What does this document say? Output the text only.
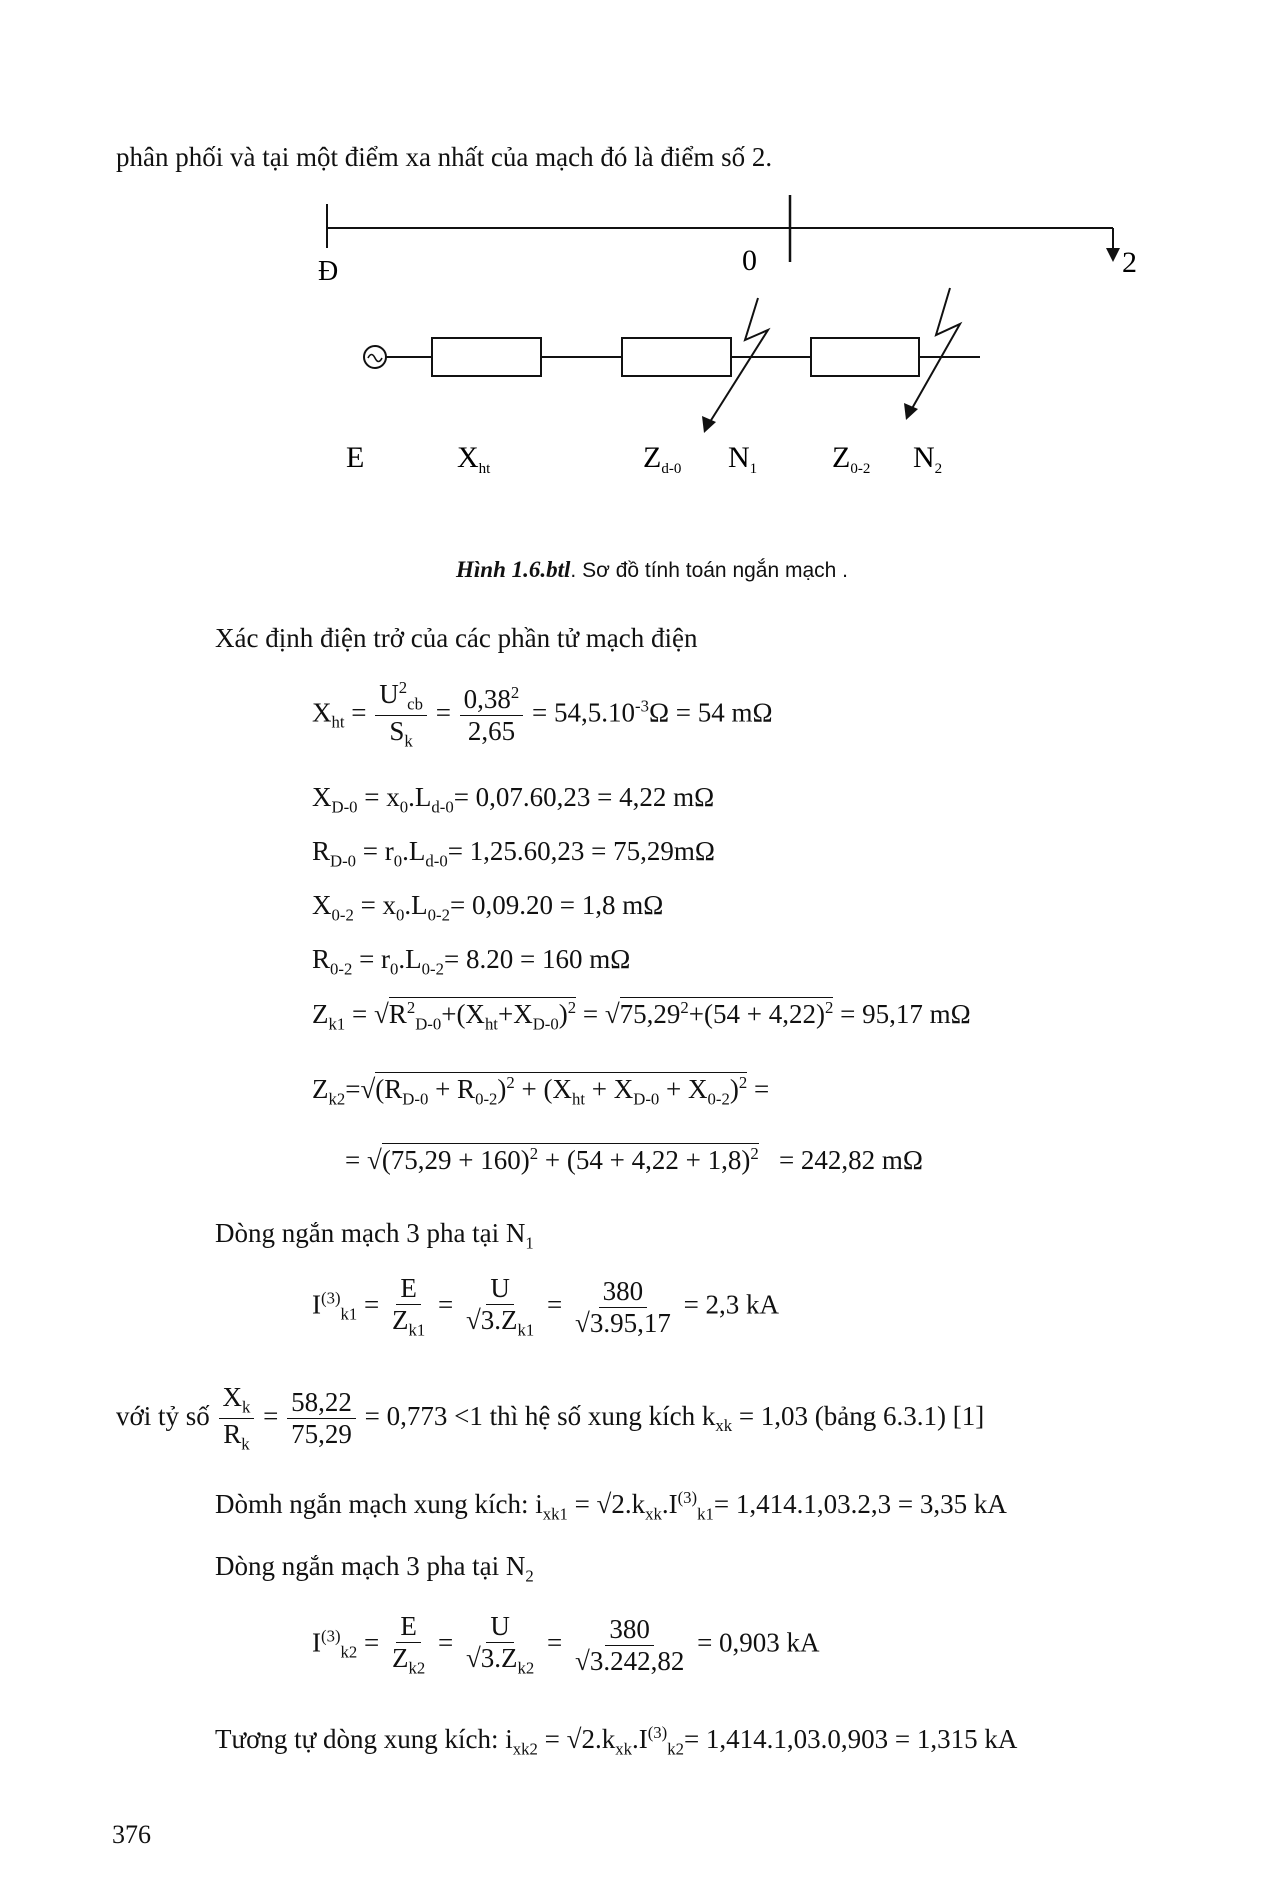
phân phối và tại một điểm xa nhất của mạch đó là điểm số 2.
Đ	0	2
E	$X_{ht}$	$Z_{d-0}$ $N_1$ $Z_{0-2}$ $N_2$
Hình 1.6.btl. Sơ đồ tính toán ngắn mạch .
Xác định điện trở của các phần tử mạch điện
$X_{ht} = \frac{U^2_{cb}}{S_k} = \frac{0,38^2}{2,65} = 54,5.10^{-3}\Omega = 54$ mΩ
$X_{D-0} = x_0.L_{d-0}= 0,07.60,23 = 4,22$ mΩ
$R_{D-0} = r_0.L_{d-0}= 1,25.60,23 = 75,29m\Omega$
$X_{0-2} = x_0.L_{0-2}= 0,09.20 = 1,8$ mΩ
$R_{0-2} = r_0.L_{0-2}= 8.20 = 160$ mΩ
$Z_{k1} = √R^2_{D-0}+(X_{ht}+X_{D-0})^2 = √75,29^2+(54 + 4,22)^2 = 95,17$ mΩ
$Z_{k2}=√(R_{D-0} + R_{0-2})^2 + (X_{ht} + X_{D-0} + X_{0-2})^2$ =
= $√(75,29 + 160)^2 + (54 + 4,22 + 1,8)^2 = 242,82$ mΩ
Dòng ngắn mạch 3 pha tại $N_1$
$I^{(3)}_{k1} = \frac{E}{Z_{k1}} = \frac{U}{√3.Z_{k1}} = \frac{380}{√3.95,17} = 2,3$ kA
với tỷ số $\frac{X_k}{R_k} = \frac{58,22}{75,29} = 0,773 <1$ thì hệ số xung kích $k_{xk} = 1,03$ (bảng 6.3.1) [1]
Dòmh ngắn mạch xung kích: $i_{xk1} = √2.k_{xk}.I^{(3)}_{k1}= 1,414.1,03.2,3 = 3,35$ kA
Dòng ngắn mạch 3 pha tại $N_2$
$I^{(3)}_{k2} = \frac{E}{Z_{k2}} = \frac{U}{√3.Z_{k2}} = \frac{380}{√3.242,82} = 0,903$ kA
Tương tự dòng xung kích: $i_{xk2} = √2.k_{xk}.I^{(3)}_{k2}= 1,414.1,03.0,903 = 1,315$ kA
376
